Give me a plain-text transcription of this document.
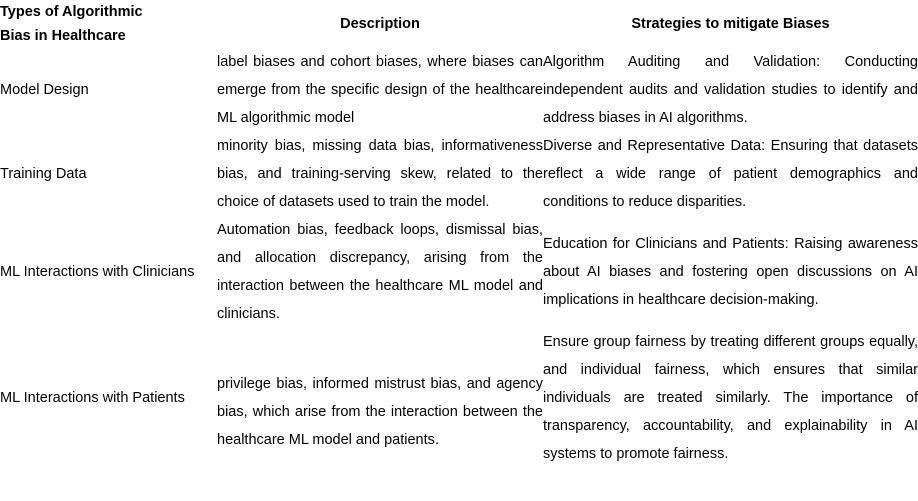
Types of Algorithmic
Bias in Healthcare	Description	Strategies to mitigate Biases
Model Design	label biases and cohort biases, where biases can emerge from the specific design of the healthcare ML algorithmic model	Algorithm Auditing and Validation: Conducting independent audits and validation studies to identify and address biases in AI algorithms.
Training Data	minority bias, missing data bias, informativeness bias, and training-serving skew, related to the choice of datasets used to train the model.	Diverse and Representative Data: Ensuring that datasets reflect a wide range of patient demographics and conditions to reduce disparities.
ML Interactions with Clinicians	Automation bias, feedback loops, dismissal bias, and allocation discrepancy, arising from the interaction between the healthcare ML model and clinicians.	Education for Clinicians and Patients: Raising awareness about AI biases and fostering open discussions on AI implications in healthcare decision-making.
ML Interactions with Patients	privilege bias, informed mistrust bias, and agency bias, which arise from the interaction between the healthcare ML model and patients.	Ensure group fairness by treating different groups equally, and individual fairness, which ensures that similar individuals are treated similarly. The importance of transparency, accountability, and explainability in AI systems to promote fairness.
